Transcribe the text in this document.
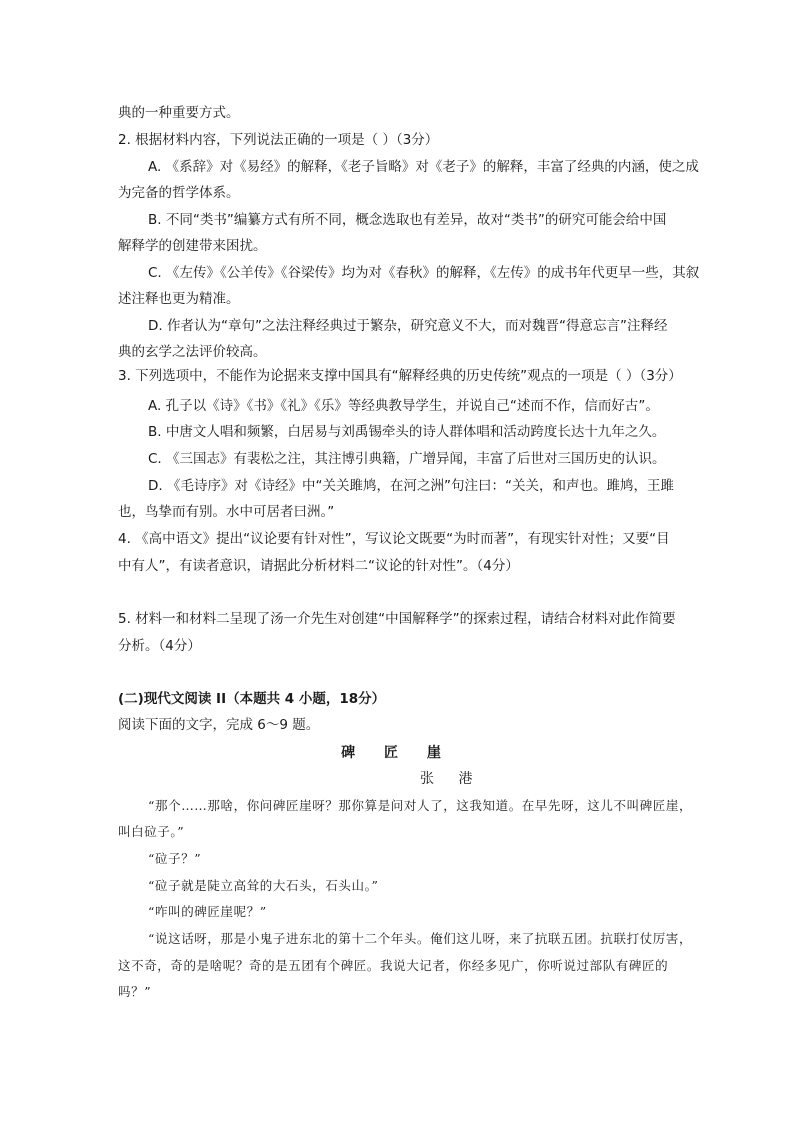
典的一种重要方式。
2. 根据材料内容，下列说法正确的一项是（ ）（3分）
A. 《系辞》对《易经》的解释，《老子旨略》对《老子》的解释，丰富了经典的内涵，使之成
为完备的哲学体系。
B. 不同“类书”编纂方式有所不同，概念选取也有差异，故对“类书”的研究可能会给中国
解释学的创建带来困扰。
C. 《左传》《公羊传》《谷梁传》均为对《春秋》的解释，《左传》的成书年代更早一些，其叙
述注释也更为精准。
D. 作者认为“章句”之法注释经典过于繁杂，研究意义不大，而对魏晋“得意忘言”注释经
典的玄学之法评价较高。
3. 下列选项中，不能作为论据来支撑中国具有“解释经典的历史传统”观点的一项是（ ）（3分）
A. 孔子以《诗》《书》《礼》《乐》等经典教导学生，并说自己“述而不作，信而好古”。
B. 中唐文人唱和频繁，白居易与刘禹锡牵头的诗人群体唱和活动跨度长达十九年之久。
C. 《三国志》有裴松之注，其注博引典籍，广增异闻，丰富了后世对三国历史的认识。
D. 《毛诗序》对《诗经》中“关关雎鸠，在河之洲”句注曰：“关关，和声也。雎鸠，王雎
也，鸟挚而有别。水中可居者曰洲。”
4. 《高中语文》提出“议论要有针对性”，写议论文既要“为时而著”，有现实针对性；又要“目
中有人”，有读者意识，请据此分析材料二“议论的针对性”。（4分）
5. 材料一和材料二呈现了汤一介先生对创建“中国解释学”的探索过程，请结合材料对此作简要
分析。（4分）
(二)现代文阅读 II（本题共 4 小题，18分）
阅读下面的文字，完成 6～9 题。
碑 匠 崖
张 港
“那个……那啥，你问碑匠崖呀？那你算是问对人了，这我知道。在早先呀，这儿不叫碑匠崖，
叫白砬子。”
“砬子？”
“砬子就是陡立高耸的大石头，石头山。”
“咋叫的碑匠崖呢？”
“说这话呀，那是小鬼子进东北的第十二个年头。俺们这儿呀，来了抗联五团。抗联打仗厉害，
这不奇，奇的是啥呢？奇的是五团有个碑匠。我说大记者，你经多见广，你听说过部队有碑匠的
吗？”
